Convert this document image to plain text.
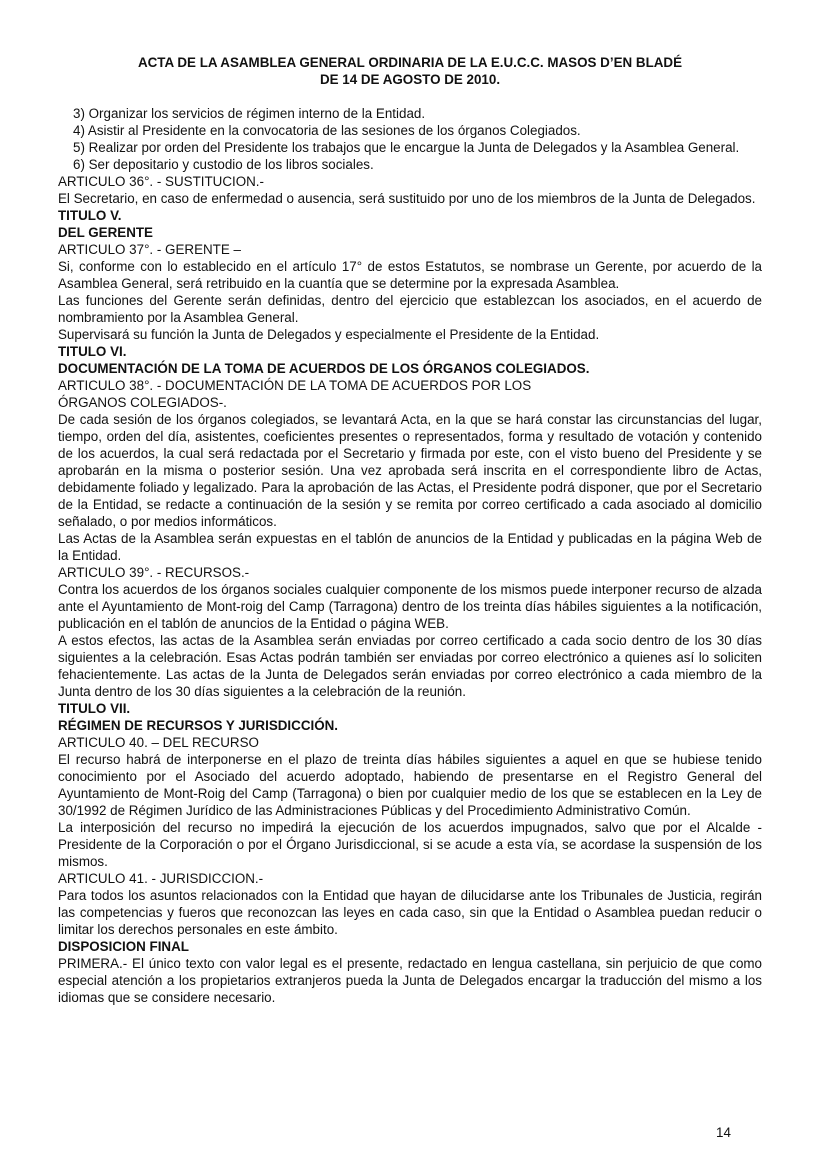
ACTA DE LA ASAMBLEA GENERAL ORDINARIA DE LA E.U.C.C. MASOS D’EN BLADÉ
DE 14 DE AGOSTO DE 2010.

3) Organizar los servicios de régimen interno de la Entidad.

4) Asistir al Presidente en la convocatoria de las sesiones de los órganos Colegiados.

5) Realizar por orden del Presidente los trabajos que le encargue la Junta de Delegados y la Asamblea General.

6) Ser depositario y custodio de los libros sociales.

ARTICULO 36°. - SUSTITUCION.-

El Secretario, en caso de enfermedad o ausencia, será sustituido por uno de los miembros de la Junta de Delegados.

TITULO V.

DEL GERENTE

ARTICULO 37°. - GERENTE –

Si, conforme con lo establecido en el artículo 17° de estos Estatutos, se nombrase un Gerente, por acuerdo de la Asamblea General, será retribuido en la cuantía que se determine por la expresada Asamblea.

Las funciones del Gerente serán definidas, dentro del ejercicio que establezcan los asociados, en el acuerdo de nombramiento por la Asamblea General.

Supervisará su función la Junta de Delegados y especialmente el Presidente de la Entidad.

TITULO VI.

DOCUMENTACIÓN DE LA TOMA DE ACUERDOS DE LOS ÓRGANOS COLEGIADOS.

ARTICULO 38°. - DOCUMENTACIÓN DE LA TOMA DE ACUERDOS POR LOS

ÓRGANOS COLEGIADOS-.

De cada sesión de los órganos colegiados, se levantará Acta, en la que se hará constar las circunstancias del lugar, tiempo, orden del día, asistentes, coeficientes presentes o representados, forma y resultado de votación y contenido de los acuerdos, la cual será redactada por el Secretario y firmada por este, con el visto bueno del Presidente y se aprobarán en la misma o posterior sesión. Una vez aprobada será inscrita en el correspondiente libro de Actas, debidamente foliado y legalizado. Para la aprobación de las Actas, el Presidente podrá disponer, que por el Secretario de la Entidad, se redacte a continuación de la sesión y se remita por correo certificado a cada asociado al domicilio señalado, o por medios informáticos.

Las Actas de la Asamblea serán expuestas en el tablón de anuncios de la Entidad y publicadas en la página Web de la Entidad.

ARTICULO 39°. - RECURSOS.-

Contra los acuerdos de los órganos sociales cualquier componente de los mismos puede interponer recurso de alzada ante el Ayuntamiento de Mont-roig del Camp (Tarragona) dentro de los treinta días hábiles siguientes a la notificación, publicación en el tablón de anuncios de la Entidad o página WEB.

A estos efectos, las actas de la Asamblea serán enviadas por correo certificado a cada socio dentro de los 30 días siguientes a la celebración. Esas Actas podrán también ser enviadas por correo electrónico a quienes así lo soliciten fehacientemente. Las actas de la Junta de Delegados serán enviadas por correo electrónico a cada miembro de la Junta dentro de los 30 días siguientes a la celebración de la reunión.

TITULO VII.

RÉGIMEN DE RECURSOS Y JURISDICCIÓN.

ARTICULO 40. – DEL RECURSO

El recurso habrá de interponerse en el plazo de treinta días hábiles siguientes a aquel en que se hubiese tenido conocimiento por el Asociado del acuerdo adoptado, habiendo de presentarse en el Registro General del Ayuntamiento de Mont-Roig del Camp (Tarragona) o bien por cualquier medio de los que se establecen en la Ley de 30/1992 de Régimen Jurídico de las Administraciones Públicas y del Procedimiento Administrativo Común.

La interposición del recurso no impedirá la ejecución de los acuerdos impugnados, salvo que por el Alcalde - Presidente de la Corporación o por el Órgano Jurisdiccional, si se acude a esta vía, se acordase la suspensión de los mismos.

ARTICULO 41. - JURISDICCION.-

Para todos los asuntos relacionados con la Entidad que hayan de dilucidarse ante los Tribunales de Justicia, regirán las competencias y fueros que reconozcan las leyes en cada caso, sin que la Entidad o Asamblea puedan reducir o limitar los derechos personales en este ámbito.

DISPOSICION FINAL

PRIMERA.- El único texto con valor legal es el presente, redactado en lengua castellana, sin perjuicio de que como especial atención a los propietarios extranjeros pueda la Junta de Delegados encargar la traducción del mismo a los idiomas que se considere necesario.

14
